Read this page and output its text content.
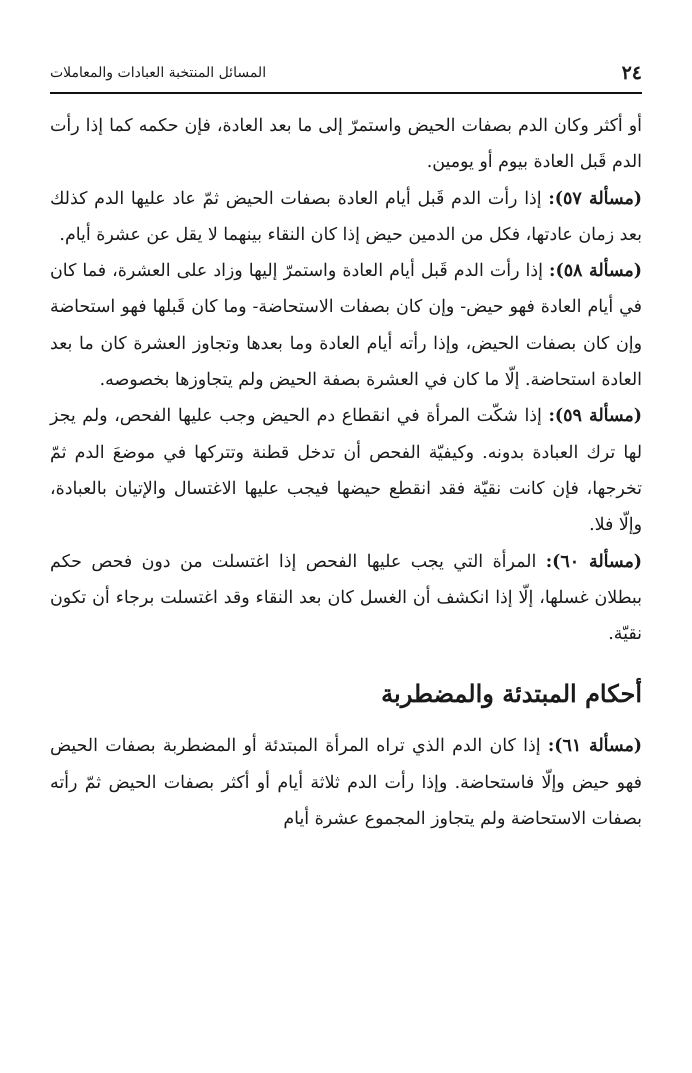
٢٤
المسائل المنتخبة العبادات والمعاملات

أو أكثر وكان الدم بصفات الحيض واستمرّ إلى ما بعد العادة، فإن حكمه كما إذا رأت الدم قَبل العادة بيوم أو يومين.

(مسألة ٥٧): إذا رأت الدم قَبل أيام العادة بصفات الحيض ثمّ عاد عليها الدم كذلك بعد زمان عادتها، فكل من الدمين حيض إذا كان النقاء بينهما لا يقل عن عشرة أيام.

(مسألة ٥٨): إذا رأت الدم قَبل أيام العادة واستمرّ إليها وزاد على العشرة، فما كان في أيام العادة فهو حيض- وإن كان بصفات الاستحاضة- وما كان قَبلها فهو استحاضة وإن كان بصفات الحيض، وإذا رأته أيام العادة وما بعدها وتجاوز العشرة كان ما بعد العادة استحاضة. إلّا ما كان في العشرة بصفة الحيض ولم يتجاوزها بخصوصه.

(مسألة ٥٩): إذا شكّت المرأة في انقطاع دم الحيض وجب عليها الفحص، ولم يجز لها ترك العبادة بدونه. وكيفيّة الفحص أن تدخل قطنة وتتركها في موضعَ الدم ثمّ تخرجها، فإن كانت نقيّة فقد انقطع حيضها فيجب عليها الاغتسال والإتيان بالعبادة، وإلّا فلا.

(مسألة ٦٠): المرأة التي يجب عليها الفحص إذا اغتسلت من دون فحص حكم ببطلان غسلها، إلّا إذا انكشف أن الغسل كان بعد النقاء وقد اغتسلت برجاء أن تكون نقيّة.

أحكام المبتدئة والمضطربة

(مسألة ٦١): إذا كان الدم الذي تراه المرأة المبتدئة أو المضطربة بصفات الحيض فهو حيض وإلّا فاستحاضة. وإذا رأت الدم ثلاثة أيام أو أكثر بصفات الحيض ثمّ رأته بصفات الاستحاضة ولم يتجاوز المجموع عشرة أيام
